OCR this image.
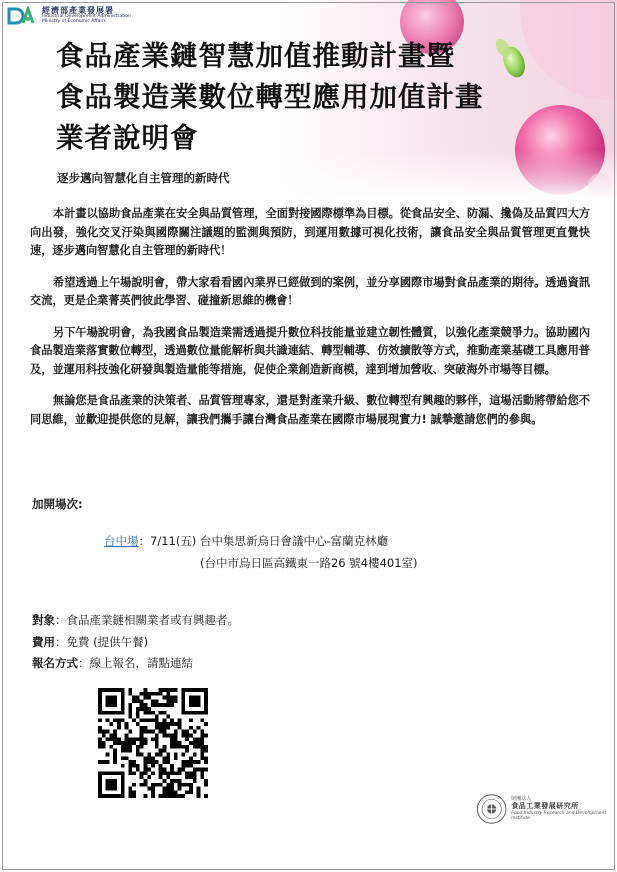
經濟部產業發展署
Industrial Development Administration
Ministry of Economic Affairs
食品產業鏈智慧加值推動計畫暨
食品製造業數位轉型應用加值計畫
業者說明會
逐步邁向智慧化自主管理的新時代

本計畫以協助食品產業在安全與品質管理，全面對接國際標準為目標。從食品安全、防漏、攙偽及品質四大方向出發，強化交叉汙染與國際關注議題的監測與預防，到運用數據可視化技術，讓食品安全與品質管理更直覺快速，逐步邁向智慧化自主管理的新時代！

希望透過上午場說明會，帶大家看看國內業界已經做到的案例，並分享國際市場對食品產業的期待。透過資訊交流，更是企業菁英們彼此學習、碰撞新思維的機會！

另下午場說明會，為我國食品製造業需透過提升數位科技能量並建立韌性體質，以強化產業競爭力。協助國內食品製造業落實數位轉型，透過數位量能解析與共識連結、轉型輔導、仿效擴散等方式，推動產業基礎工具應用普及，並運用科技強化研發與製造量能等措施，促使企業創造新商模，達到增加營收、突破海外市場等目標。

無論您是食品產業的決策者、品質管理專家，還是對產業升級、數位轉型有興趣的夥伴，這場活動將帶給您不同思維，並歡迎提供您的見解，讓我們攜手讓台灣食品產業在國際市場展現實力! 誠摯邀請您們的參與。

加開場次:
台中場：7/11(五) 台中集思新烏日會議中心-富蘭克林廳
(台中市烏日區高鐵東一路26 號4樓401室)
對象：食品產業鏈相關業者或有興趣者。
費用：免費 (提供午餐)
報名方式：線上報名，請點連結
財團法人
食品工業發展研究所
Food Industry Research and Development Institute
